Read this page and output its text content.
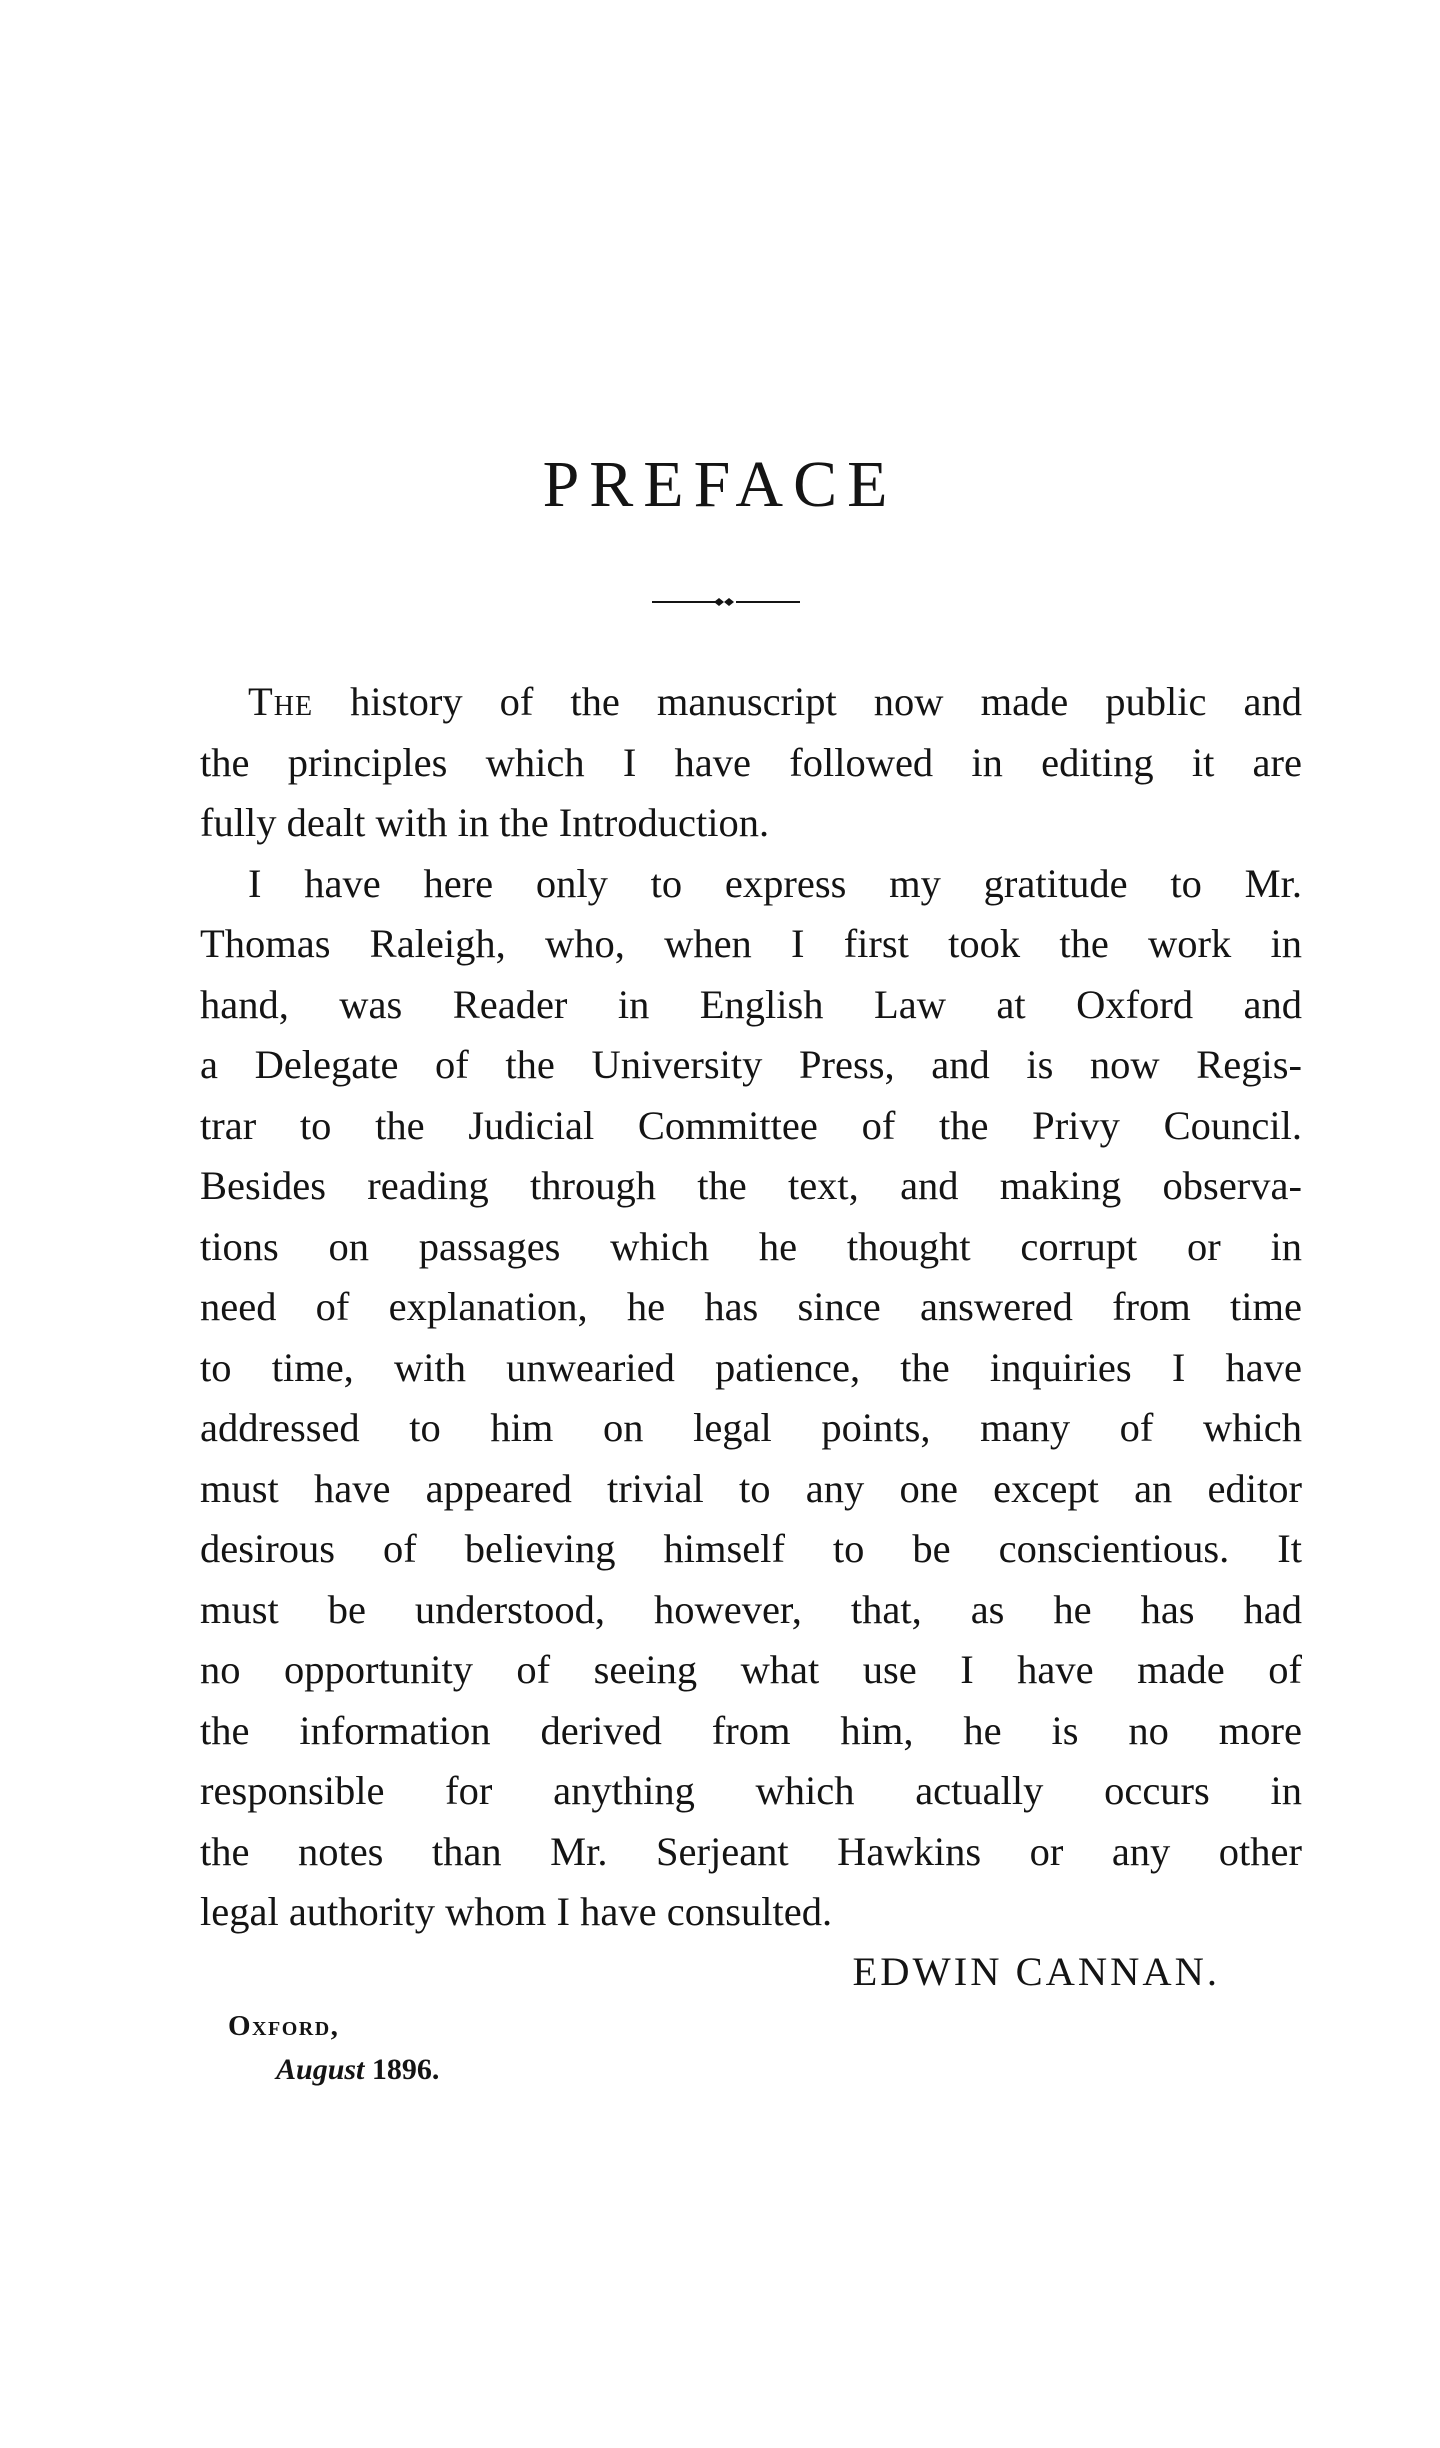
PREFACE
The history of the manuscript now made public and
the principles which I have followed in editing it are
fully dealt with in the Introduction.
I have here only to express my gratitude to Mr.
Thomas Raleigh, who, when I first took the work in
hand, was Reader in English Law at Oxford and
a Delegate of the University Press, and is now Regis-
trar to the Judicial Committee of the Privy Council.
Besides reading through the text, and making observa-
tions on passages which he thought corrupt or in
need of explanation, he has since answered from time
to time, with unwearied patience, the inquiries I have
addressed to him on legal points, many of which
must have appeared trivial to any one except an editor
desirous of believing himself to be conscientious. It
must be understood, however, that, as he has had
no opportunity of seeing what use I have made of
the information derived from him, he is no more
responsible for anything which actually occurs in
the notes than Mr. Serjeant Hawkins or any other
legal authority whom I have consulted.
EDWIN CANNAN.
Oxford,
August 1896.
